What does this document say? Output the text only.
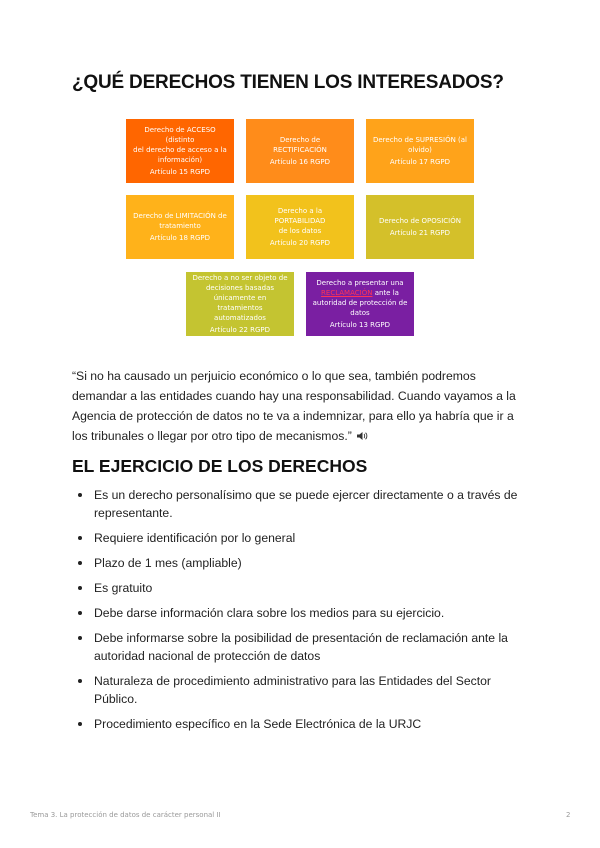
¿QUÉ DERECHOS TIENEN LOS INTERESADOS?
Derecho de ACCESO (distinto
del derecho de acceso a la
información)
Artículo 15 RGPD
Derecho de RECTIFICACIÓN
Artículo 16 RGPD
Derecho de SUPRESIÓN (al
olvido)
Artículo 17 RGPD
Derecho de LIMITACIÓN de
tratamiento
Artículo 18 RGPD
Derecho a la PORTABILIDAD
de los datos
Artículo 20 RGPD
Derecho de OPOSICIÓN
Artículo 21 RGPD
Derecho a no ser objeto de
decisiones basadas
únicamente en tratamientos
automatizados
Artículo 22 RGPD
Derecho a presentar una
RECLAMACIÓN ante la
autoridad de protección de
datos
Artículo 13 RGPD

“Si no ha causado un perjuicio económico o lo que sea, también podremos demandar a las entidades cuando hay una responsabilidad. Cuando vayamos a la Agencia de protección de datos no te va a indemnizar, para ello ya habría que ir a los tribunales o llegar por otro tipo de mecanismos.”

EL EJERCICIO DE LOS DERECHOS
Es un derecho personalísimo que se puede ejercer directamente o a través de representante.
Requiere identificación por lo general
Plazo de 1 mes (ampliable)
Es gratuito
Debe darse información clara sobre los medios para su ejercicio.
Debe informarse sobre la posibilidad de presentación de reclamación ante la autoridad nacional de protección de datos
Naturaleza de procedimiento administrativo para las Entidades del Sector Público.
Procedimiento específico en la Sede Electrónica de la URJC
Tema 3. La protección de datos de carácter personal II	2
